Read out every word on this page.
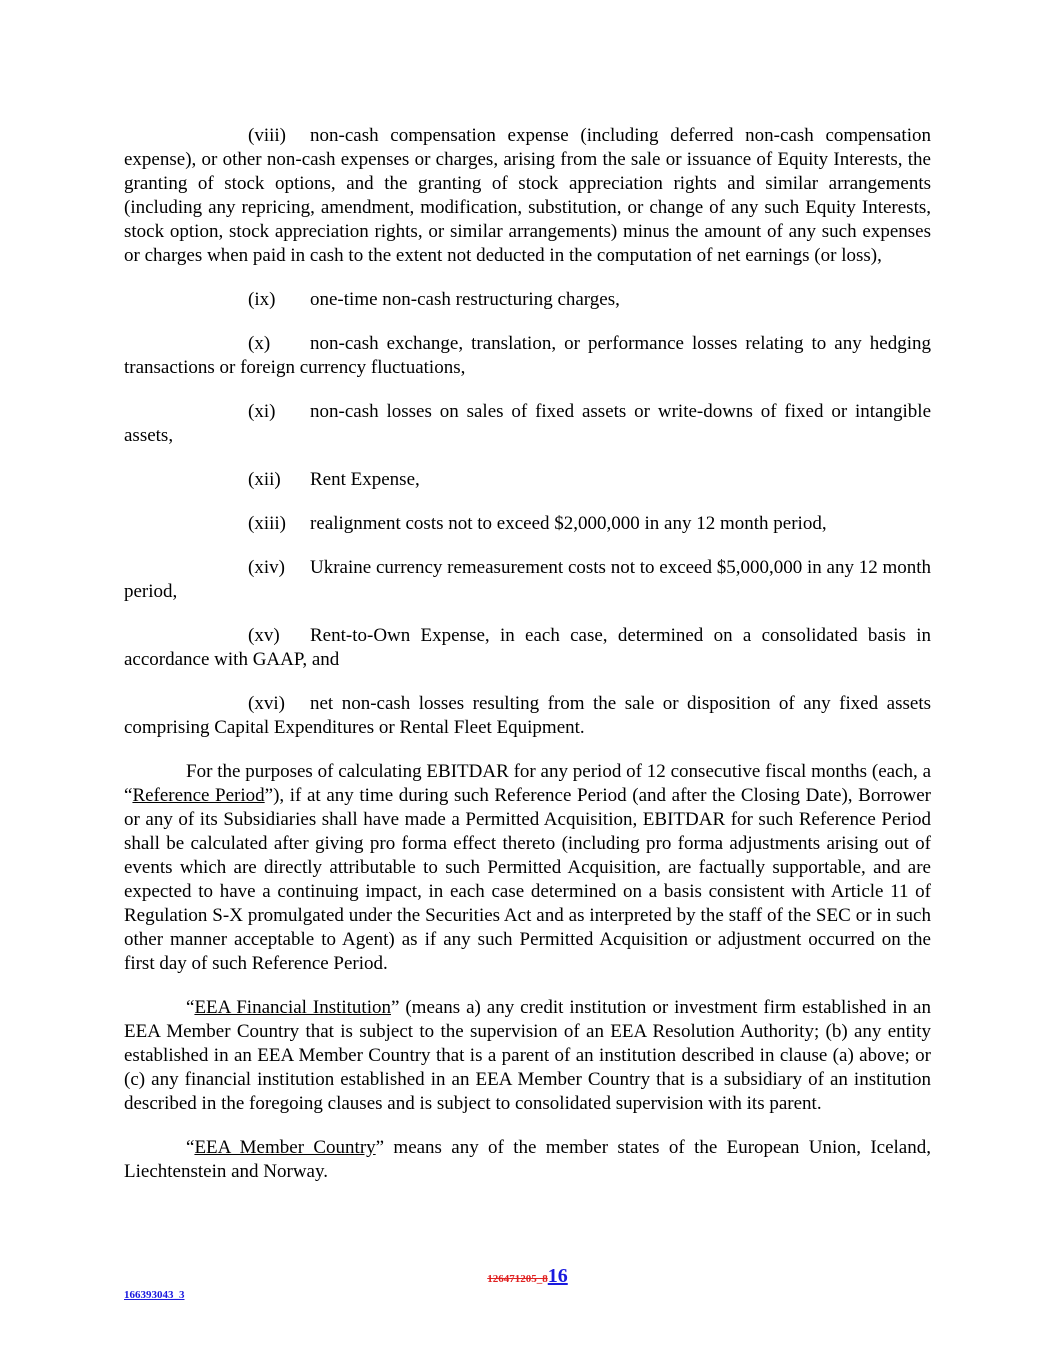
(viii) non-cash compensation expense (including deferred non-cash compensation expense), or other non-cash expenses or charges, arising from the sale or issuance of Equity Interests, the granting of stock options, and the granting of stock appreciation rights and similar arrangements (including any repricing, amendment, modification, substitution, or change of any such Equity Interests, stock option, stock appreciation rights, or similar arrangements) minus the amount of any such expenses or charges when paid in cash to the extent not deducted in the computation of net earnings (or loss),

(ix) one-time non-cash restructuring charges,

(x) non-cash exchange, translation, or performance losses relating to any hedging transactions or foreign currency fluctuations,

(xi) non-cash losses on sales of fixed assets or write-downs of fixed or intangible assets,

(xii) Rent Expense,

(xiii) realignment costs not to exceed $2,000,000 in any 12 month period,

(xiv) Ukraine currency remeasurement costs not to exceed $5,000,000 in any 12 month period,

(xv) Rent-to-Own Expense, in each case, determined on a consolidated basis in accordance with GAAP, and

(xvi) net non-cash losses resulting from the sale or disposition of any fixed assets comprising Capital Expenditures or Rental Fleet Equipment.

For the purposes of calculating EBITDAR for any period of 12 consecutive fiscal months (each, a “Reference Period”), if at any time during such Reference Period (and after the Closing Date), Borrower or any of its Subsidiaries shall have made a Permitted Acquisition, EBITDAR for such Reference Period shall be calculated after giving pro forma effect thereto (including pro forma adjustments arising out of events which are directly attributable to such Permitted Acquisition, are factually supportable, and are expected to have a continuing impact, in each case determined on a basis consistent with Article 11 of Regulation S-X promulgated under the Securities Act and as interpreted by the staff of the SEC or in such other manner acceptable to Agent) as if any such Permitted Acquisition or adjustment occurred on the first day of such Reference Period.

“EEA Financial Institution” (means a) any credit institution or investment firm established in an EEA Member Country that is subject to the supervision of an EEA Resolution Authority; (b) any entity established in an EEA Member Country that is a parent of an institution described in clause (a) above; or (c) any financial institution established in an EEA Member Country that is a subsidiary of an institution described in the foregoing clauses and is subject to consolidated supervision with its parent.

“EEA Member Country” means any of the member states of the European Union, Iceland, Liechtenstein and Norway.

126471205_816
166393043_3
